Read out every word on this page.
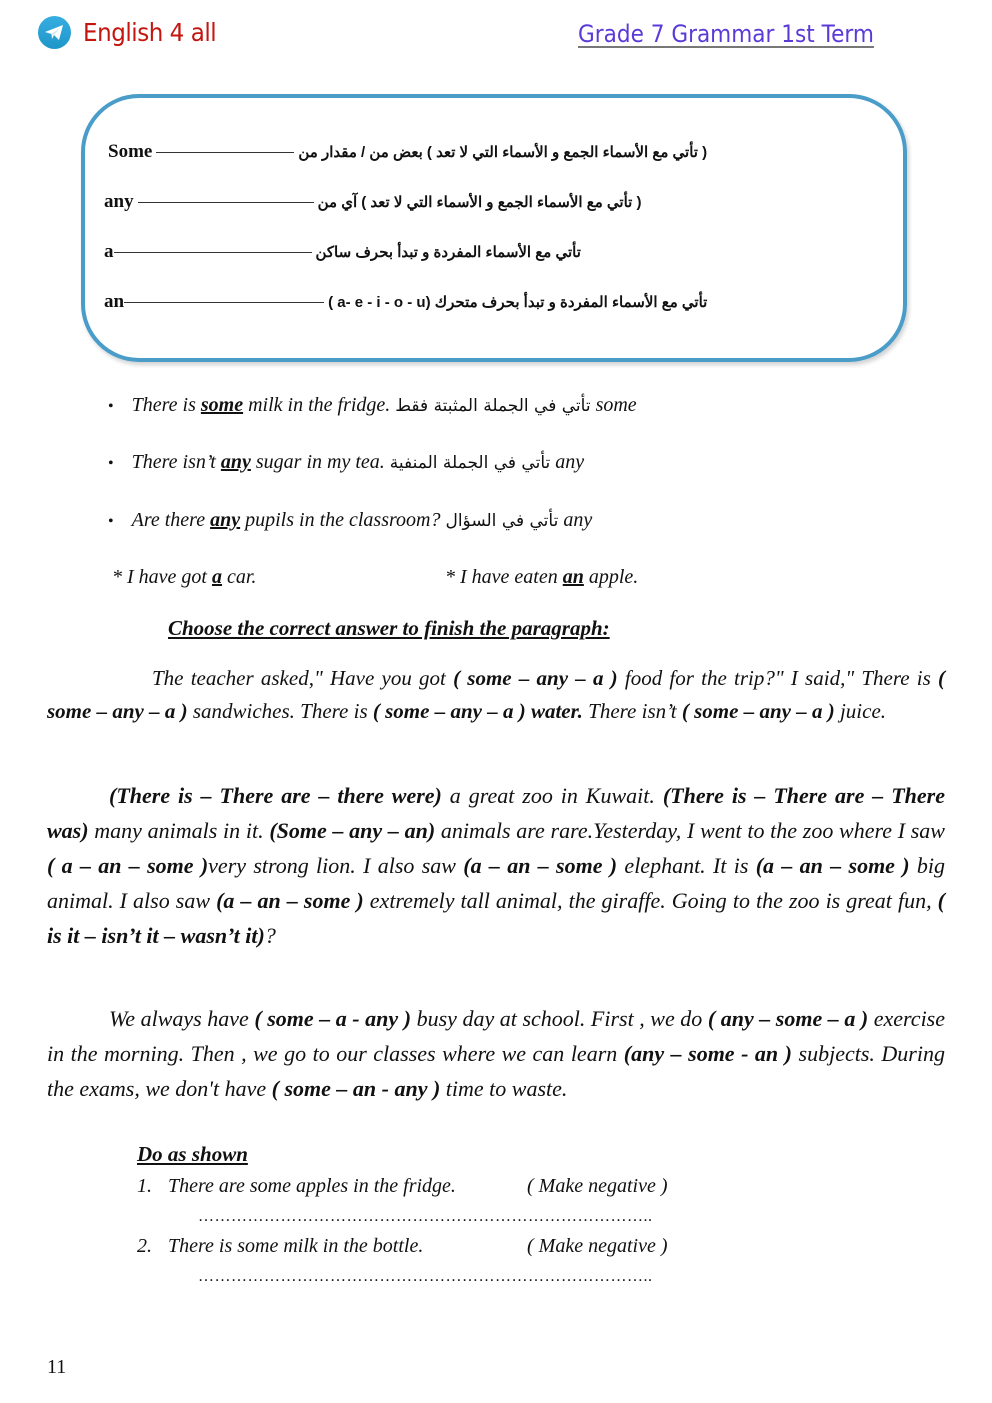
English 4 all	Grade 7 Grammar 1st Term
Some	( تأتي مع الأسماء الجمع و الأسماء التي لا تعد ) بعض من / مقدار من
any	( تأتي مع الأسماء الجمع و الأسماء التي لا تعد ) آي من
a	تأتي مع الأسماء المفردة و تبدأ بحرف ساكن
an	تأتي مع الأسماء المفردة و تبدأ بحرف متحرك (a- e - i - o - u )
• There is some milk in the fridge. تأتي في الجملة المثبتة فقط some
• There isn’t any sugar in my tea. تأتي في الجملة المنفية any
• Are there any pupils in the classroom? تأتي في السؤال any
* I have got a car.	* I have eaten an apple.
Choose the correct answer to finish the paragraph:
The teacher asked," Have you got ( some – any – a ) food for the trip?" I said," There is ( some – any – a ) sandwiches. There is ( some – any – a ) water. There isn’t ( some – any – a ) juice.
(There is – There are – there were) a great zoo in Kuwait. (There is – There are – There was) many animals in it. (Some – any – an) animals are rare.Yesterday, I went to the zoo where I saw ( a – an – some )very strong lion. I also saw (a – an – some ) elephant. It is (a – an – some ) big animal. I also saw (a – an – some ) extremely tall animal, the giraffe. Going to the zoo is great fun, ( is it – isn’t it – wasn’t it)?
We always have ( some – a - any ) busy day at school. First , we do ( any – some – a ) exercise in the morning. Then , we go to our classes where we can learn (any – some - an ) subjects. During the exams, we don't have ( some – an - any ) time to waste.
Do as shown
1. There are some apples in the fridge.	( Make negative )
………………………………………………………………………..
2. There is some milk in the bottle.	( Make negative )
………………………………………………………………………..
11
